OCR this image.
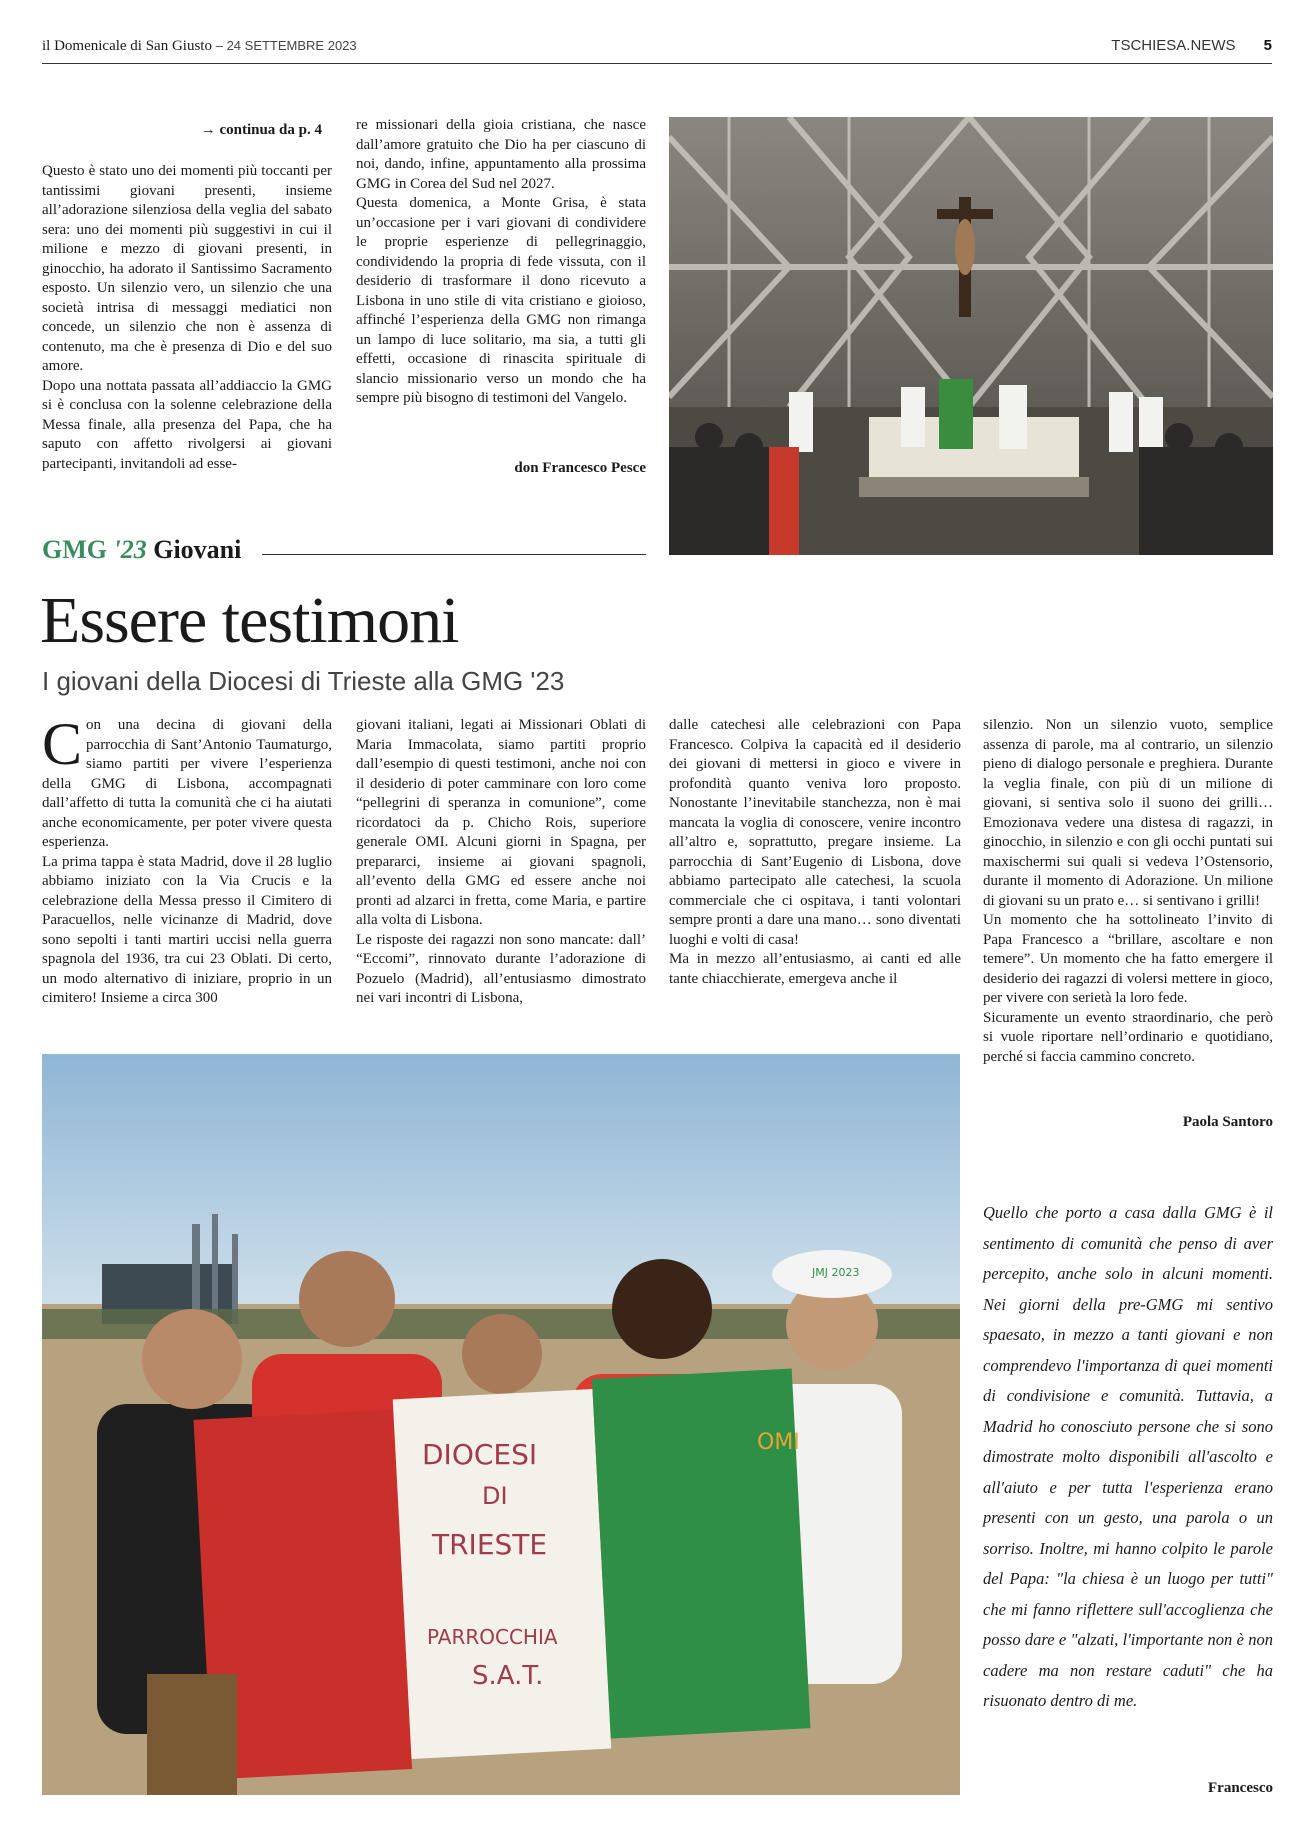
il Domenicale di San Giusto – 24 SETTEMBRE 2023	TSCHIESA.NEWS 5
→ continua da p. 4

Questo è stato uno dei momenti più toccanti per tantissimi giovani presenti, insieme all’adorazione silenziosa della veglia del sabato sera: uno dei momenti più suggestivi in cui il milione e mezzo di giovani presenti, in ginocchio, ha adorato il Santissimo Sacramento esposto. Un silenzio vero, un silenzio che una società intrisa di messaggi mediatici non concede, un silenzio che non è assenza di contenuto, ma che è presenza di Dio e del suo amore.

Dopo una nottata passata all’addiaccio la GMG si è conclusa con la solenne celebrazione della Messa finale, alla presenza del Papa, che ha saputo con affetto rivolgersi ai giovani partecipanti, invitandoli ad esse-

re missionari della gioia cristiana, che nasce dall’amore gratuito che Dio ha per ciascuno di noi, dando, infine, appuntamento alla prossima GMG in Corea del Sud nel 2027.

Questa domenica, a Monte Grisa, è stata un’occasione per i vari giovani di condividere le proprie esperienze di pellegrinaggio, condividendo la propria di fede vissuta, con il desiderio di trasformare il dono ricevuto a Lisbona in uno stile di vita cristiano e gioioso, affinché l’esperienza della GMG non rimanga un lampo di luce solitario, ma sia, a tutti gli effetti, occasione di rinascita spirituale di slancio missionario verso un mondo che ha sempre più bisogno di testimoni del Vangelo.

don Francesco Pesce
GMG '23 Giovani
Essere testimoni
I giovani della Diocesi di Trieste alla GMG '23

Con una decina di giovani della parrocchia di Sant’Antonio Taumaturgo, siamo partiti per vivere l’esperienza della GMG di Lisbona, accompagnati dall’affetto di tutta la comunità che ci ha aiutati anche economicamente, per poter vivere questa esperienza.

La prima tappa è stata Madrid, dove il 28 luglio abbiamo iniziato con la Via Crucis e la celebrazione della Messa presso il Cimitero di Paracuellos, nelle vicinanze di Madrid, dove sono sepolti i tanti martiri uccisi nella guerra spagnola del 1936, tra cui 23 Oblati. Di certo, un modo alternativo di iniziare, proprio in un cimitero! Insieme a circa 300

giovani italiani, legati ai Missionari Oblati di Maria Immacolata, siamo partiti proprio dall’esempio di questi testimoni, anche noi con il desiderio di poter camminare con loro come “pellegrini di speranza in comunione”, come ricordatoci da p. Chicho Rois, superiore generale OMI. Alcuni giorni in Spagna, per prepararci, insieme ai giovani spagnoli, all’evento della GMG ed essere anche noi pronti ad alzarci in fretta, come Maria, e partire alla volta di Lisbona.

Le risposte dei ragazzi non sono mancate: dall’ “Eccomi”, rinnovato durante l’adorazione di Pozuelo (Madrid), all’entusiasmo dimostrato nei vari incontri di Lisbona,

dalle catechesi alle celebrazioni con Papa Francesco. Colpiva la capacità ed il desiderio dei giovani di mettersi in gioco e vivere in profondità quanto veniva loro proposto. Nonostante l’inevitabile stanchezza, non è mai mancata la voglia di conoscere, venire incontro all’altro e, soprattutto, pregare insieme. La parrocchia di Sant’Eugenio di Lisbona, dove abbiamo partecipato alle catechesi, la scuola commerciale che ci ospitava, i tanti volontari sempre pronti a dare una mano… sono diventati luoghi e volti di casa!

Ma in mezzo all’entusiasmo, ai canti ed alle tante chiacchierate, emergeva anche il

silenzio. Non un silenzio vuoto, semplice assenza di parole, ma al contrario, un silenzio pieno di dialogo personale e preghiera. Durante la veglia finale, con più di un milione di giovani, si sentiva solo il suono dei grilli… Emozionava vedere una distesa di ragazzi, in ginocchio, in silenzio e con gli occhi puntati sui maxischermi sui quali si vedeva l’Ostensorio, durante il momento di Adorazione. Un milione di giovani su un prato e… si sentivano i grilli!

Un momento che ha sottolineato l’invito di Papa Francesco a “brillare, ascoltare e non temere”. Un momento che ha fatto emergere il desiderio dei ragazzi di volersi mettere in gioco, per vivere con serietà la loro fede.

Sicuramente un evento straordinario, che però si vuole riportare nell’ordinario e quotidiano, perché si faccia cammino concreto.

Paola Santoro
DIOCESI
DI
TRIESTE
PARROCCHIA
S.A.T.
JMJ 2023
OMI
Quello che porto a casa dalla GMG è il sentimento di comunità che penso di aver percepito, anche solo in alcuni momenti. Nei giorni della pre-GMG mi sentivo spaesato, in mezzo a tanti giovani e non comprendevo l'importanza di quei momenti di condivisione e comunità. Tuttavia, a Madrid ho conosciuto persone che si sono dimostrate molto disponibili all'ascolto e all'aiuto e per tutta l'esperienza erano presenti con un gesto, una parola o un sorriso. Inoltre, mi hanno colpito le parole del Papa: "la chiesa è un luogo per tutti" che mi fanno riflettere sull'accoglienza che posso dare e "alzati, l'importante non è non cadere ma non restare caduti" che ha risuonato dentro di me.
Francesco
